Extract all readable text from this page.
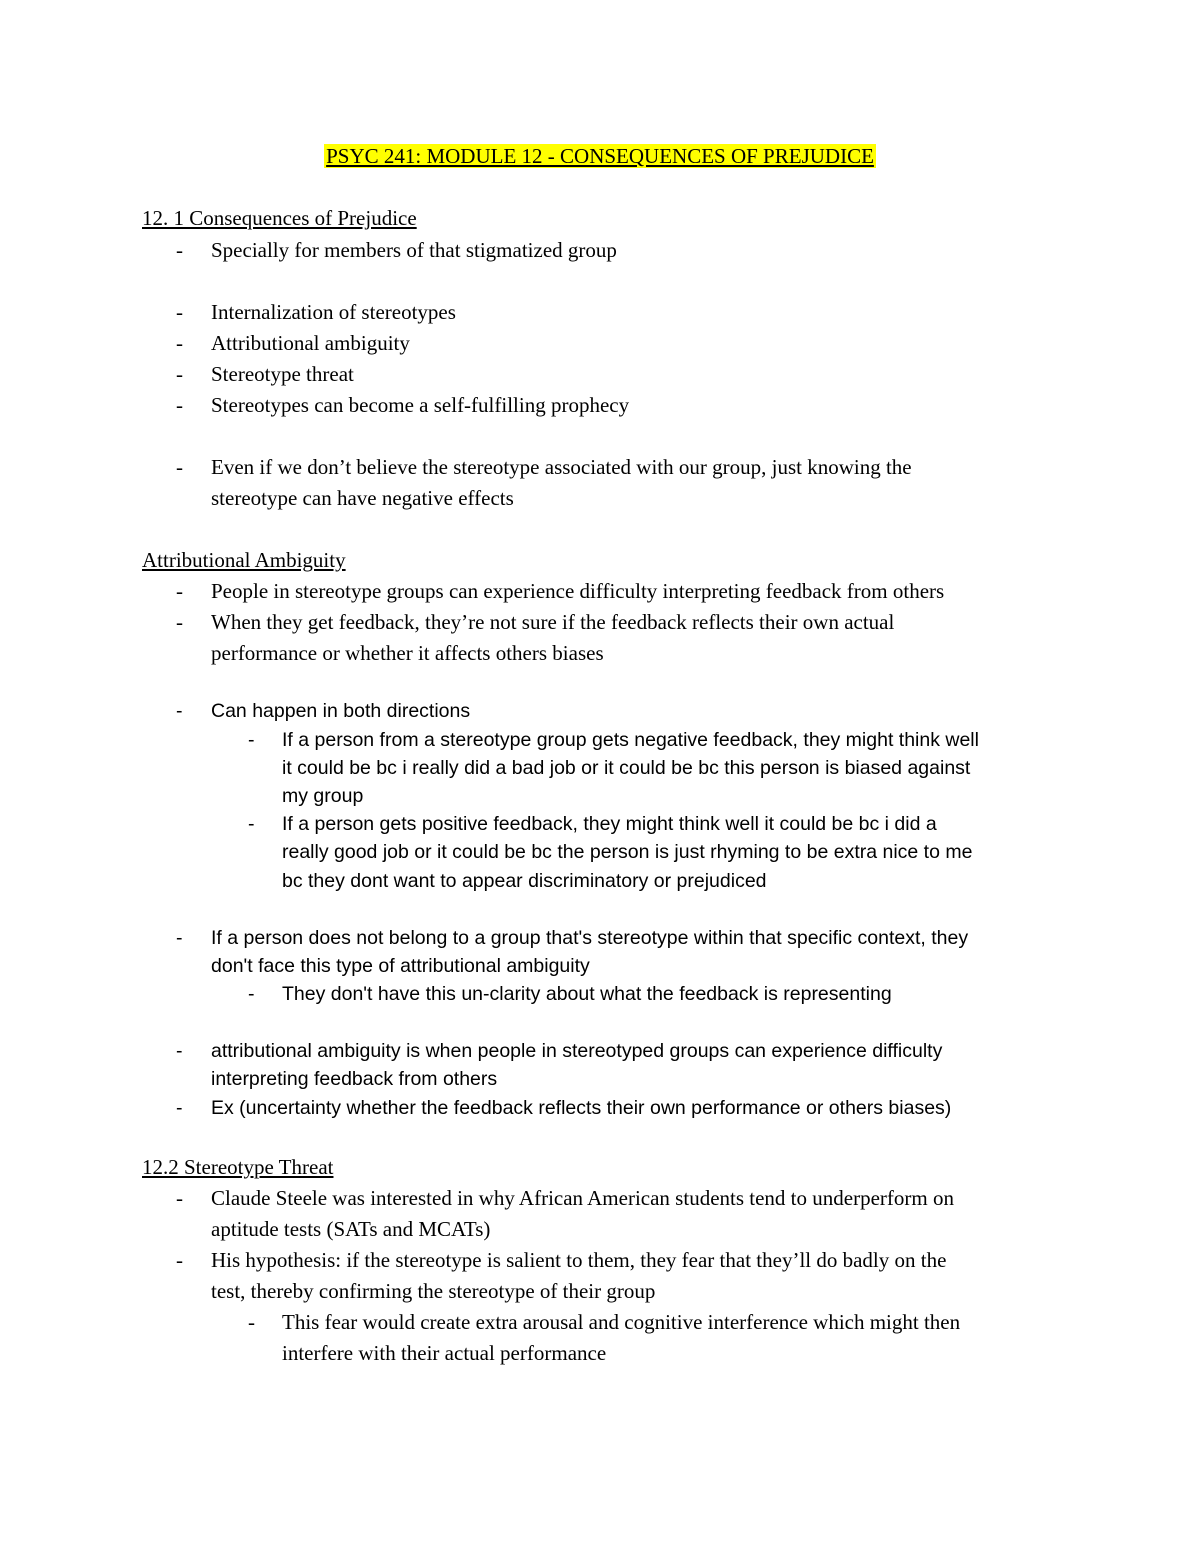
PSYC 241: MODULE 12 - CONSEQUENCES OF PREJUDICE
12. 1 Consequences of Prejudice
- Specially for members of that stigmatized group
- Internalization of stereotypes
- Attributional ambiguity
- Stereotype threat
- Stereotypes can become a self-fulfilling prophecy
- Even if we don’t believe the stereotype associated with our group, just knowing the
stereotype can have negative effects
Attributional Ambiguity
- People in stereotype groups can experience difficulty interpreting feedback from others
- When they get feedback, they’re not sure if the feedback reflects their own actual
performance or whether it affects others biases
- Can happen in both directions
- If a person from a stereotype group gets negative feedback, they might think well
it could be bc i really did a bad job or it could be bc this person is biased against
my group
- If a person gets positive feedback, they might think well it could be bc i did a
really good job or it could be bc the person is just rhyming to be extra nice to me
bc they dont want to appear discriminatory or prejudiced
- If a person does not belong to a group that's stereotype within that specific context, they
don't face this type of attributional ambiguity
- They don't have this un-clarity about what the feedback is representing
- attributional ambiguity is when people in stereotyped groups can experience difficulty
interpreting feedback from others
- Ex (uncertainty whether the feedback reflects their own performance or others biases)
12.2 Stereotype Threat
- Claude Steele was interested in why African American students tend to underperform on
aptitude tests (SATs and MCATs)
- His hypothesis: if the stereotype is salient to them, they fear that they’ll do badly on the
test, thereby confirming the stereotype of their group
- This fear would create extra arousal and cognitive interference which might then
interfere with their actual performance
